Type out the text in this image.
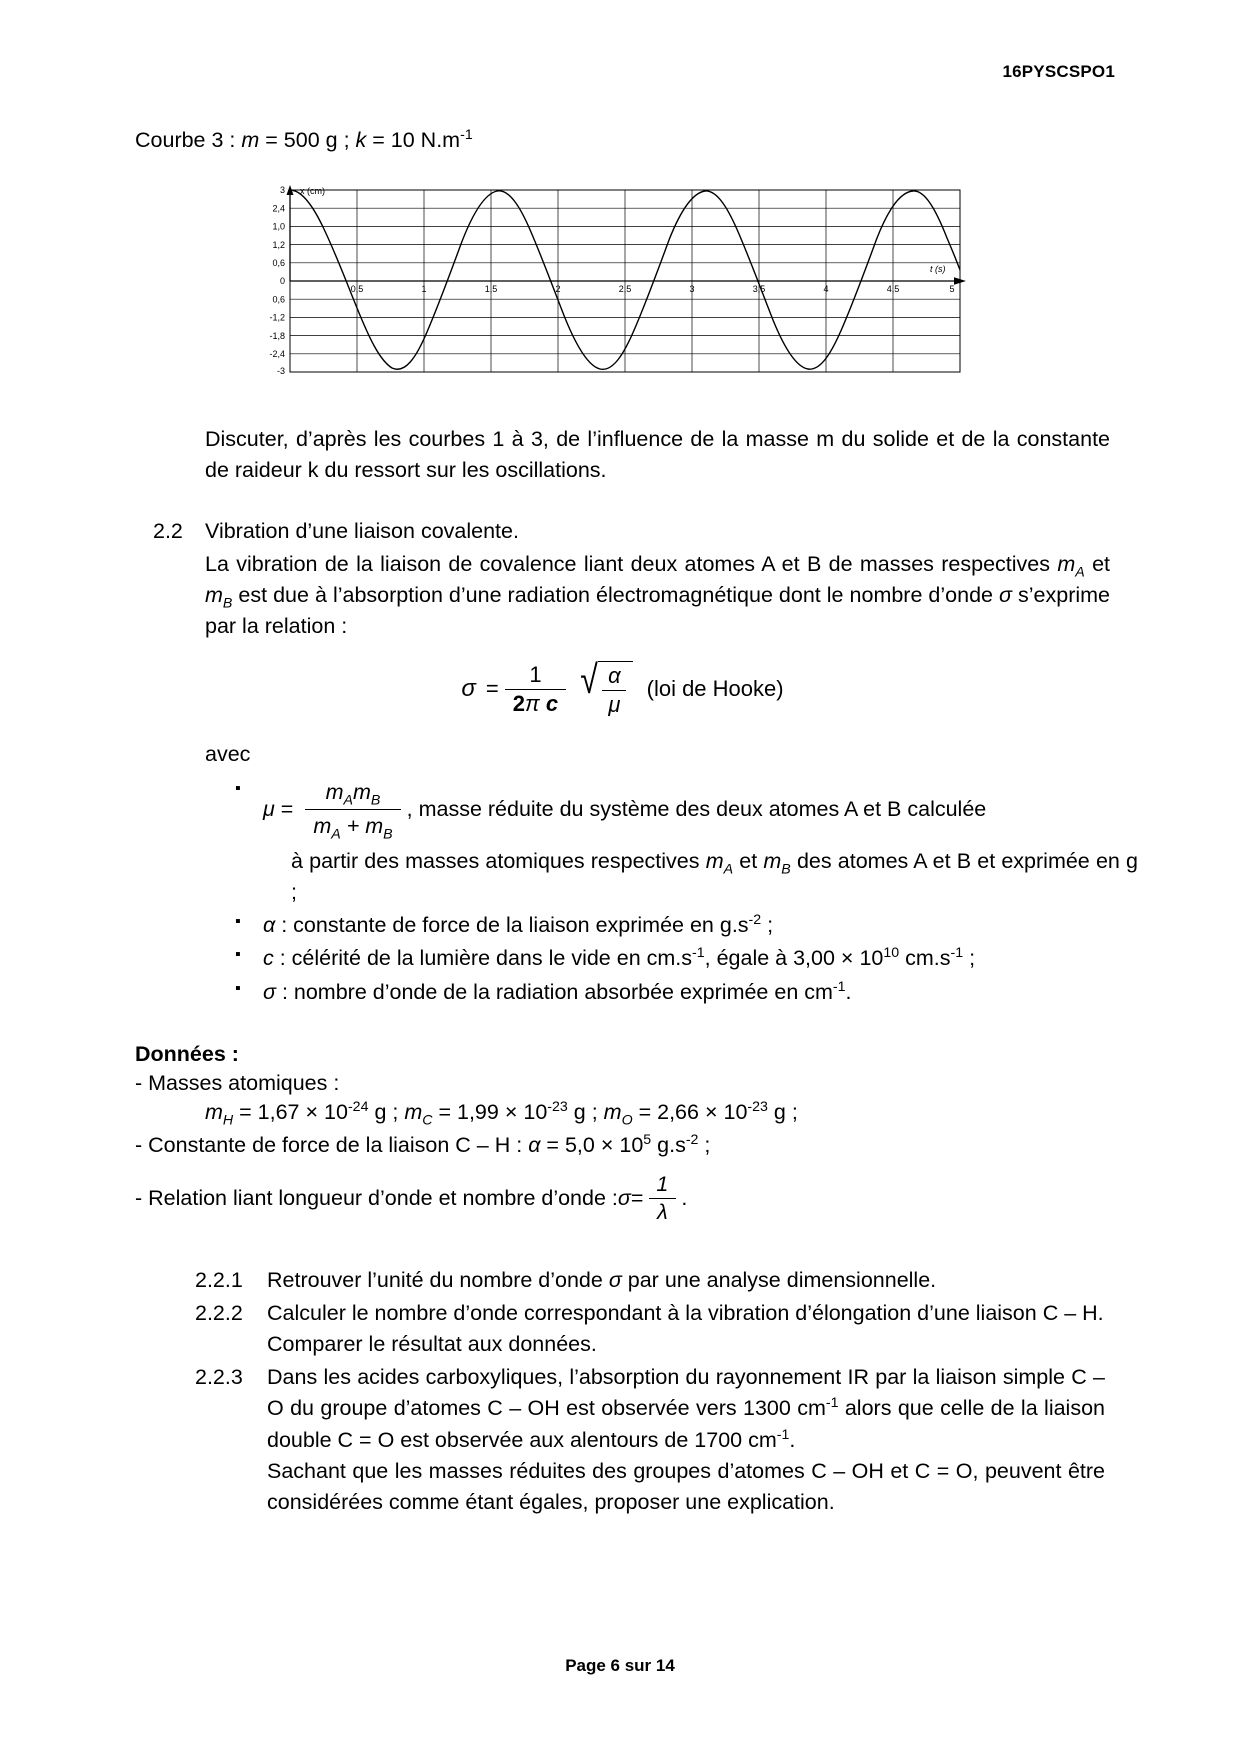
16PYSCSPO1
Courbe 3 : m = 500 g ; k = 10 $N.m^{-1}$
x (cm)
t (s)
3
2,4
1,0
1,2
0,6
0
0,6
-1,2
-1,8
-2,4
-3
0,5	1	1,5	2	2,5	3	3,5	4	4,5	5
Discuter, d’après les courbes 1 à 3, de l’influence de la masse m du solide et de la constante de raideur k du ressort sur les oscillations.
2.2 Vibration d’une liaison covalente.
La vibration de la liaison de covalence liant deux atomes A et B de masses respectives $m_A$ et $m_B$ est due à l’absorption d’une radiation électromagnétique dont le nombre d’onde σ s’exprime par la relation :
$\sigma = \frac{1}{\text{2π c}}$ √ $\frac{\alpha}{\mu} (loi$ de Hooke)
avec
▪ $\mu = \frac{m_Am_B}{m_A + m_B}$ , masse réduite du système des deux atomes A et B calculée
à partir des masses atomiques respectives $m_A$ et $m_B$ des atomes A et B et exprimée en g ;
▪ α : constante de force de la liaison exprimée en $g.s^{-2}$ ;
▪ c : célérité de la lumière dans le vide en $cm.s^{-1}$, égale à $3,00 \times 10^{10}$ $cm.s^{-1}$ ;
▪ σ : nombre d’onde de la radiation absorbée exprimée en $cm^{-1}$.
Données :
- Masses atomiques :
$m_H = 1,67 \times 10^{-24}$ g ; $m_C = 1,99 \times 10^{-23}$ g ; $m_O = 2,66 \times 10^{-23}$ g ;
- Constante de force de la liaison C – H : $\alpha = 5,0 \times 10^5$ $g.s^{-2}$ ;
- Relation liant longueur d’onde et nombre d’onde : $\sigma = \frac{1}{\lambda}$ .
2.2.1	Retrouver l’unité du nombre d’onde σ par une analyse dimensionnelle.
2.2.2	Calculer le nombre d’onde correspondant à la vibration d’élongation d’une liaison C – H.
Comparer le résultat aux données.
2.2.3	Dans les acides carboxyliques, l’absorption du rayonnement IR par la liaison simple C – O du groupe d’atomes C – OH est observée vers 1300 $cm^{-1}$ alors que celle de la liaison double C = O est observée aux alentours de 1700 $cm^{-1}$.
Sachant que les masses réduites des groupes d’atomes C – OH et C = O, peuvent être considérées comme étant égales, proposer une explication.
Page 6 sur 14
